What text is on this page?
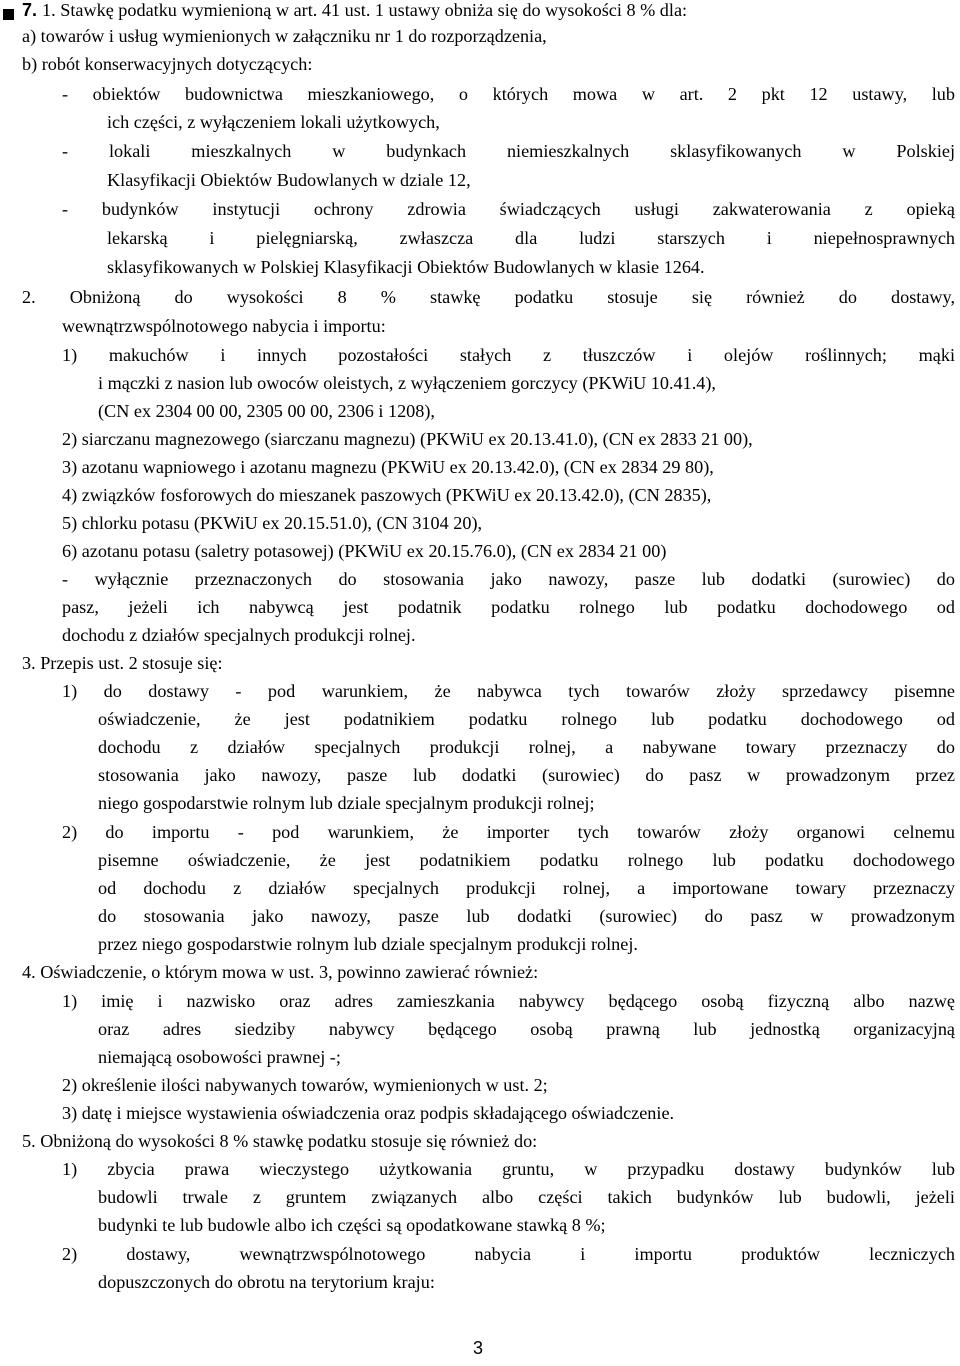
7. 1. Stawkę podatku wymienioną w art. 41 ust. 1 ustawy obniża się do wysokości 8 % dla:
a) towarów i usług wymienionych w załączniku nr 1 do rozporządzenia,
b) robót konserwacyjnych dotyczących:
- obiektów budownictwa mieszkaniowego, o których mowa w art. 2 pkt 12 ustawy, lub
ich części, z wyłączeniem lokali użytkowych,
- lokali mieszkalnych w budynkach niemieszkalnych sklasyfikowanych w Polskiej
Klasyfikacji Obiektów Budowlanych w dziale 12,
- budynków instytucji ochrony zdrowia świadczących usługi zakwaterowania z opieką
lekarską i pielęgniarską, zwłaszcza dla ludzi starszych i niepełnosprawnych
sklasyfikowanych w Polskiej Klasyfikacji Obiektów Budowlanych w klasie 1264.
2. Obniżoną do wysokości 8 % stawkę podatku stosuje się również do dostawy,
wewnątrzwspólnotowego nabycia i importu:
1) makuchów i innych pozostałości stałych z tłuszczów i olejów roślinnych; mąki
i mączki z nasion lub owoców oleistych, z wyłączeniem gorczycy (PKWiU 10.41.4),
(CN ex 2304 00 00, 2305 00 00, 2306 i 1208),
2) siarczanu magnezowego (siarczanu magnezu) (PKWiU ex 20.13.41.0), (CN ex 2833 21 00),
3) azotanu wapniowego i azotanu magnezu (PKWiU ex 20.13.42.0), (CN ex 2834 29 80),
4) związków fosforowych do mieszanek paszowych (PKWiU ex 20.13.42.0), (CN 2835),
5) chlorku potasu (PKWiU ex 20.15.51.0), (CN 3104 20),
6) azotanu potasu (saletry potasowej) (PKWiU ex 20.15.76.0), (CN ex 2834 21 00)
- wyłącznie przeznaczonych do stosowania jako nawozy, pasze lub dodatki (surowiec) do
pasz, jeżeli ich nabywcą jest podatnik podatku rolnego lub podatku dochodowego od
dochodu z działów specjalnych produkcji rolnej.
3. Przepis ust. 2 stosuje się:
1) do dostawy - pod warunkiem, że nabywca tych towarów złoży sprzedawcy pisemne
oświadczenie, że jest podatnikiem podatku rolnego lub podatku dochodowego od
dochodu z działów specjalnych produkcji rolnej, a nabywane towary przeznaczy do
stosowania jako nawozy, pasze lub dodatki (surowiec) do pasz w prowadzonym przez
niego gospodarstwie rolnym lub dziale specjalnym produkcji rolnej;
2) do importu - pod warunkiem, że importer tych towarów złoży organowi celnemu
pisemne oświadczenie, że jest podatnikiem podatku rolnego lub podatku dochodowego
od dochodu z działów specjalnych produkcji rolnej, a importowane towary przeznaczy
do stosowania jako nawozy, pasze lub dodatki (surowiec) do pasz w prowadzonym
przez niego gospodarstwie rolnym lub dziale specjalnym produkcji rolnej.
4. Oświadczenie, o którym mowa w ust. 3, powinno zawierać również:
1) imię i nazwisko oraz adres zamieszkania nabywcy będącego osobą fizyczną albo nazwę
oraz adres siedziby nabywcy będącego osobą prawną lub jednostką organizacyjną
niemającą osobowości prawnej -;
2) określenie ilości nabywanych towarów, wymienionych w ust. 2;
3) datę i miejsce wystawienia oświadczenia oraz podpis składającego oświadczenie.
5. Obniżoną do wysokości 8 % stawkę podatku stosuje się również do:
1) zbycia prawa wieczystego użytkowania gruntu, w przypadku dostawy budynków lub
budowli trwale z gruntem związanych albo części takich budynków lub budowli, jeżeli
budynki te lub budowle albo ich części są opodatkowane stawką 8 %;
2) dostawy, wewnątrzwspólnotowego nabycia i importu produktów leczniczych
dopuszczonych do obrotu na terytorium kraju:
3
